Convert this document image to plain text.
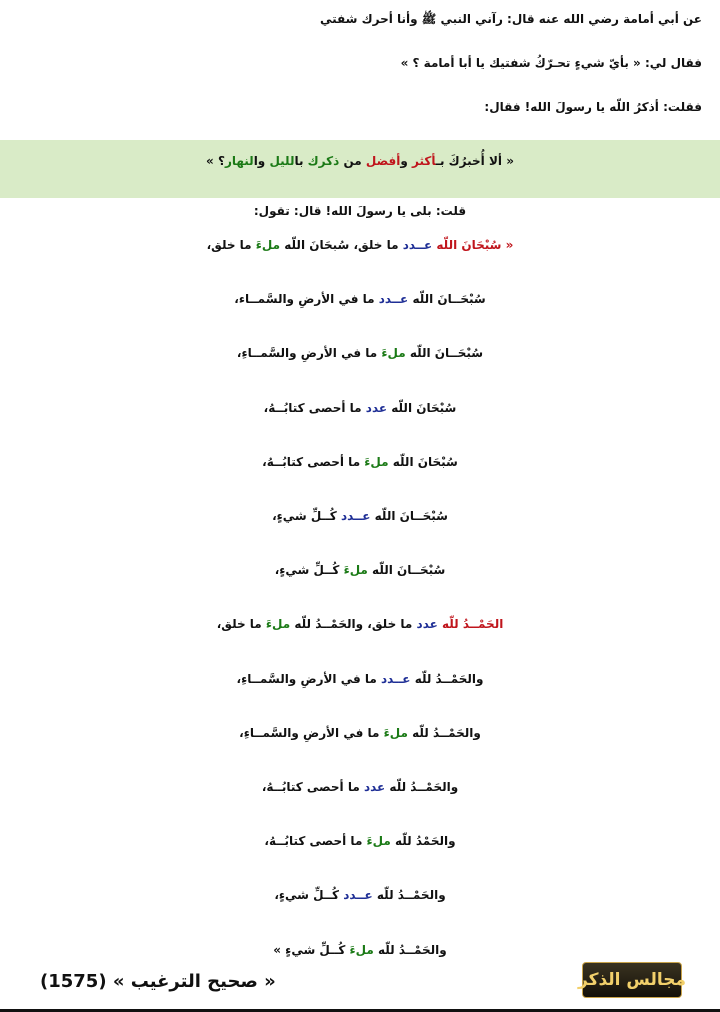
عن أبي أمامة رضي الله عنه قال: رآني النبي ﷺ وأنا أحرك شفتي
فقال لي: « بأيّ شيءٍ تحـرّكُ شفتيك يا أبا أمامة ؟ »
فقلت: أذكرُ اللّه يا رسولَ الله! فقال:
« ألا أُخبرُكَ بـأكثر وأفضل من ذكرك بالليل والنهار؟ »
قلت: بلى يا رسولَ الله! قال: تقول:
« سُبْحَانَ اللّه عــدد ما خلق، سُبحَانَ اللّه ملءَ ما خلق،
سُبْحَــانَ اللّه عــدد ما في الأرضِ والسَّمــاء،
سُبْحَــانَ اللّه ملءَ ما في الأرضِ والسَّمــاءِ،
سُبْحَانَ اللّه عدد ما أحصى كتابُــهُ،
سُبْحَانَ اللّه ملءَ ما أحصى كتابُــهُ،
سُبْحَــانَ اللّه عــدد كُــلِّ شيءٍ،
سُبْحَــانَ اللّه ملءَ كُــلِّ شيءٍ،
الحَمْــدُ للّه عدد ما خلق، والحَمْــدُ للّه ملءَ ما خلق،
والحَمْــدُ للّه عــدد ما في الأرضِ والسَّمــاءِ،
والحَمْــدُ للّه ملءَ ما في الأرضِ والسَّمــاءِ،
والحَمْــدُ للّه عدد ما أحصى كتابُــهُ،
والحَمْدُ للّه ملءَ ما أحصى كتابُــهُ،
والحَمْــدُ للّه عــدد كُــلِّ شيءٍ،
والحَمْــدُ للّه ملءَ كُــلِّ شيءٍ »
« صحيح الترغيب » (1575)	مجالس الذكر
